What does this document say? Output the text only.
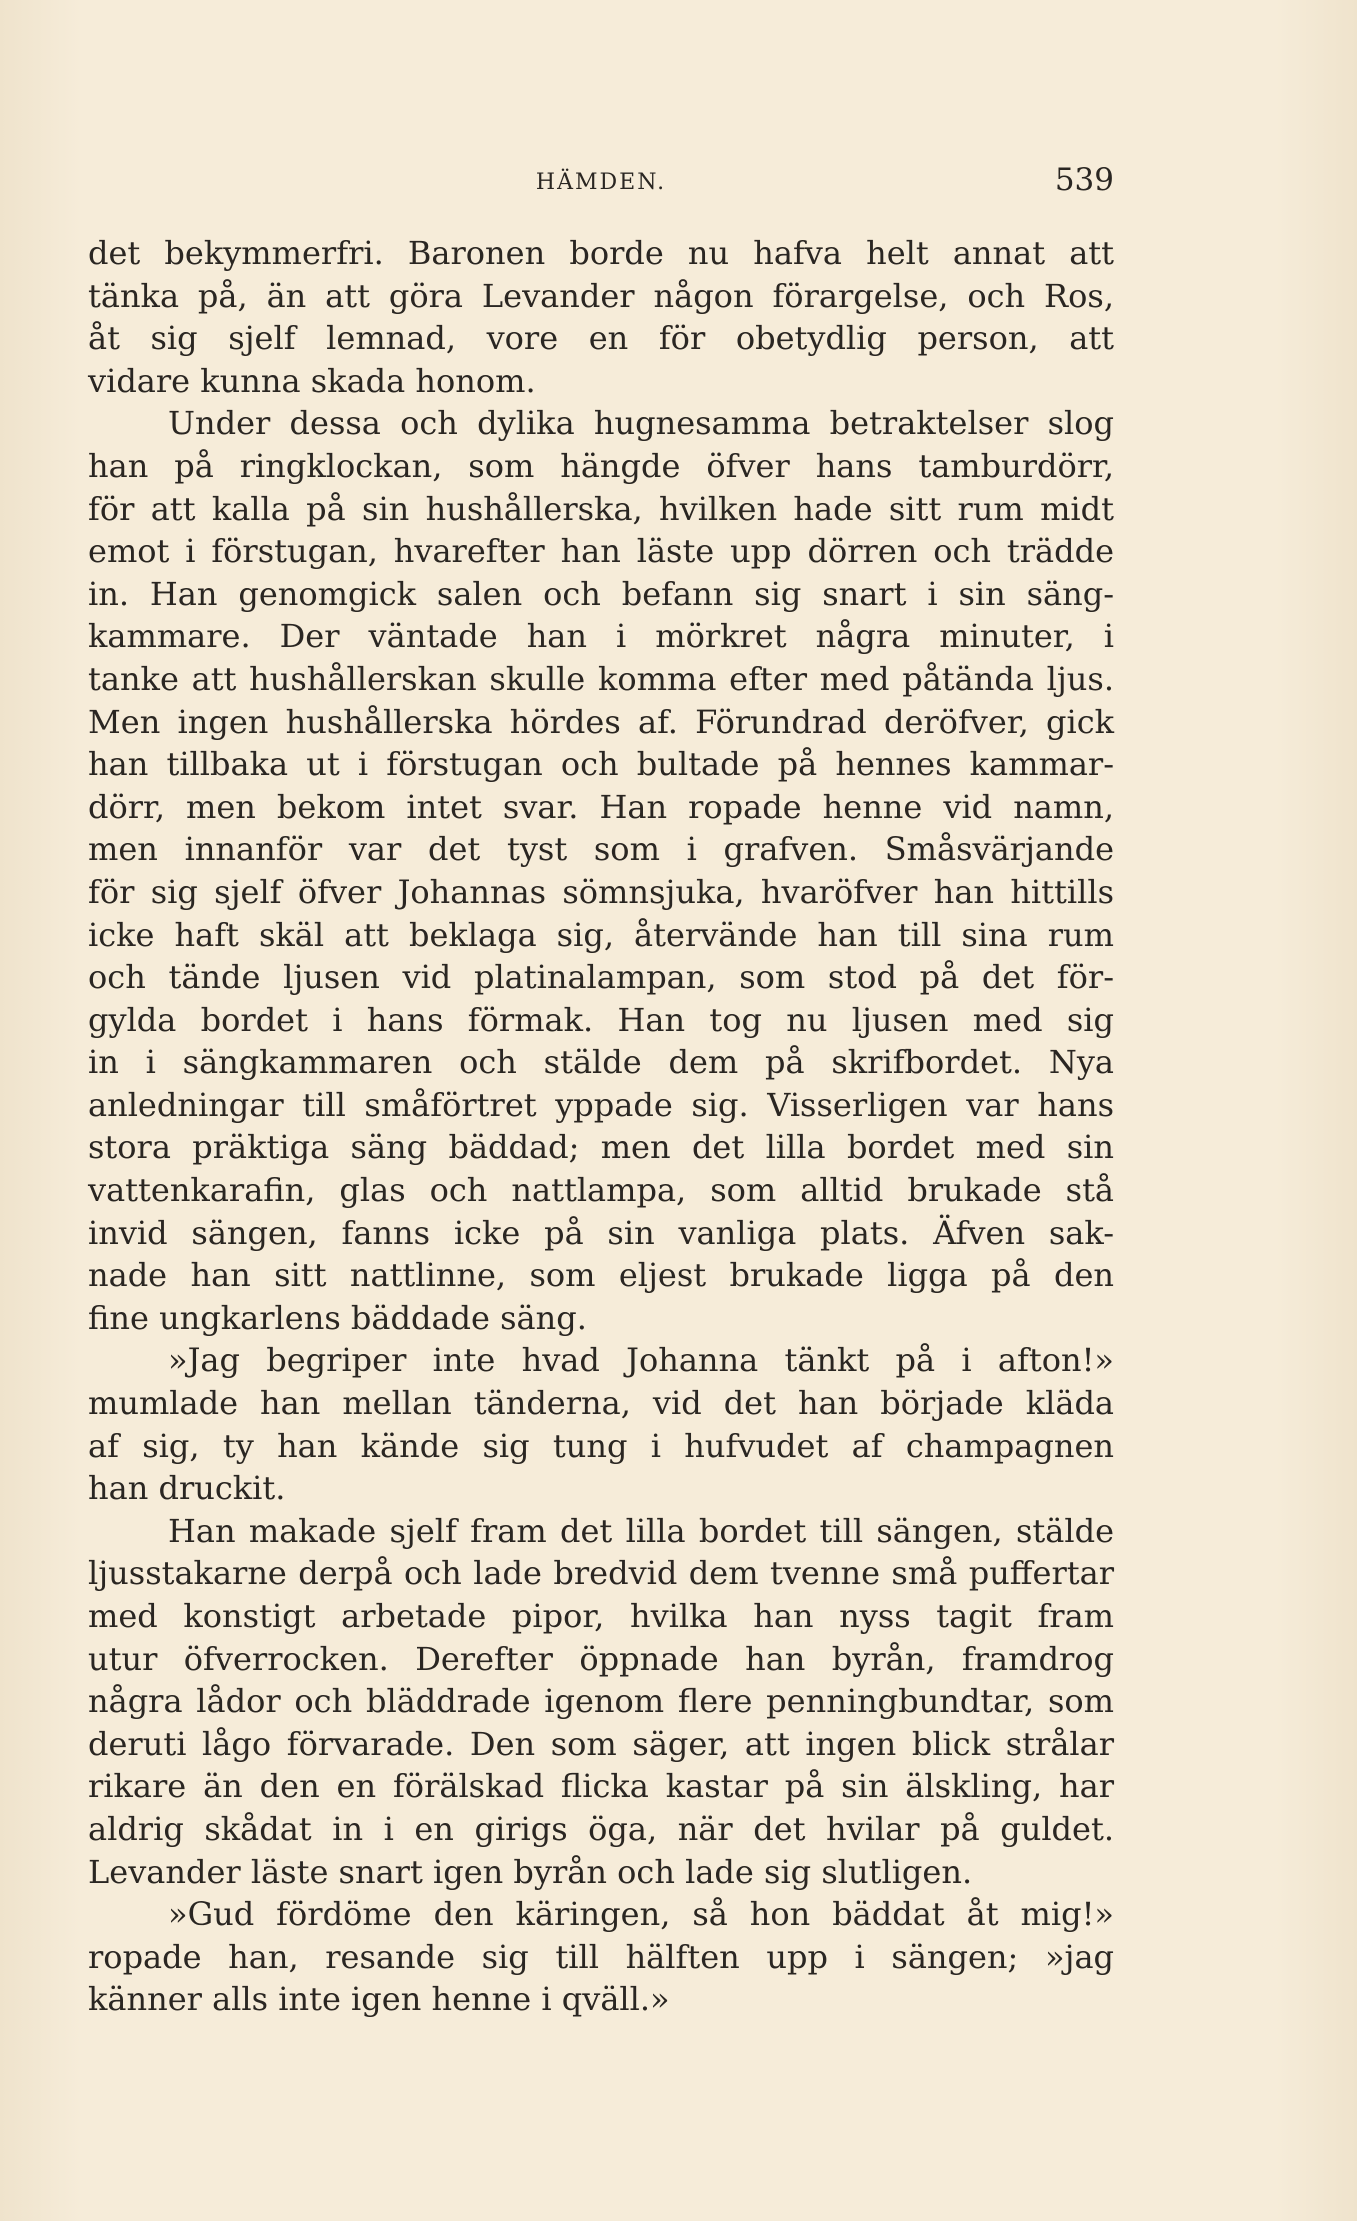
HÄMDEN.	539
det bekymmerfri. Baronen borde nu hafva helt annat att
tänka på, än att göra Levander någon förargelse, och Ros,
åt sig sjelf lemnad, vore en för obetydlig person, att
vidare kunna skada honom.
Under dessa och dylika hugnesamma betraktelser slog
han på ringklockan, som hängde öfver hans tamburdörr,
för att kalla på sin hushållerska, hvilken hade sitt rum midt
emot i förstugan, hvarefter han läste upp dörren och trädde
in. Han genomgick salen och befann sig snart i sin säng-
kammare. Der väntade han i mörkret några minuter, i
tanke att hushållerskan skulle komma efter med påtända ljus.
Men ingen hushållerska hördes af. Förundrad deröfver, gick
han tillbaka ut i förstugan och bultade på hennes kammar-
dörr, men bekom intet svar. Han ropade henne vid namn,
men innanför var det tyst som i grafven. Småsvärjande
för sig sjelf öfver Johannas sömnsjuka, hvaröfver han hittills
icke haft skäl att beklaga sig, återvände han till sina rum
och tände ljusen vid platinalampan, som stod på det för-
gylda bordet i hans förmak. Han tog nu ljusen med sig
in i sängkammaren och stälde dem på skrifbordet. Nya
anledningar till småförtret yppade sig. Visserligen var hans
stora präktiga säng bäddad; men det lilla bordet med sin
vattenkarafin, glas och nattlampa, som alltid brukade stå
invid sängen, fanns icke på sin vanliga plats. Äfven sak-
nade han sitt nattlinne, som eljest brukade ligga på den
fine ungkarlens bäddade säng.
»Jag begriper inte hvad Johanna tänkt på i afton!»
mumlade han mellan tänderna, vid det han började kläda
af sig, ty han kände sig tung i hufvudet af champagnen
han druckit.
Han makade sjelf fram det lilla bordet till sängen, stälde
ljusstakarne derpå och lade bredvid dem tvenne små puffertar
med konstigt arbetade pipor, hvilka han nyss tagit fram
utur öfverrocken. Derefter öppnade han byrån, framdrog
några lådor och bläddrade igenom flere penningbundtar, som
deruti lågo förvarade. Den som säger, att ingen blick strålar
rikare än den en förälskad flicka kastar på sin älskling, har
aldrig skådat in i en girigs öga, när det hvilar på guldet.
Levander läste snart igen byrån och lade sig slutligen.
»Gud fördöme den käringen, så hon bäddat åt mig!»
ropade han, resande sig till hälften upp i sängen; »jag
känner alls inte igen henne i qväll.»
